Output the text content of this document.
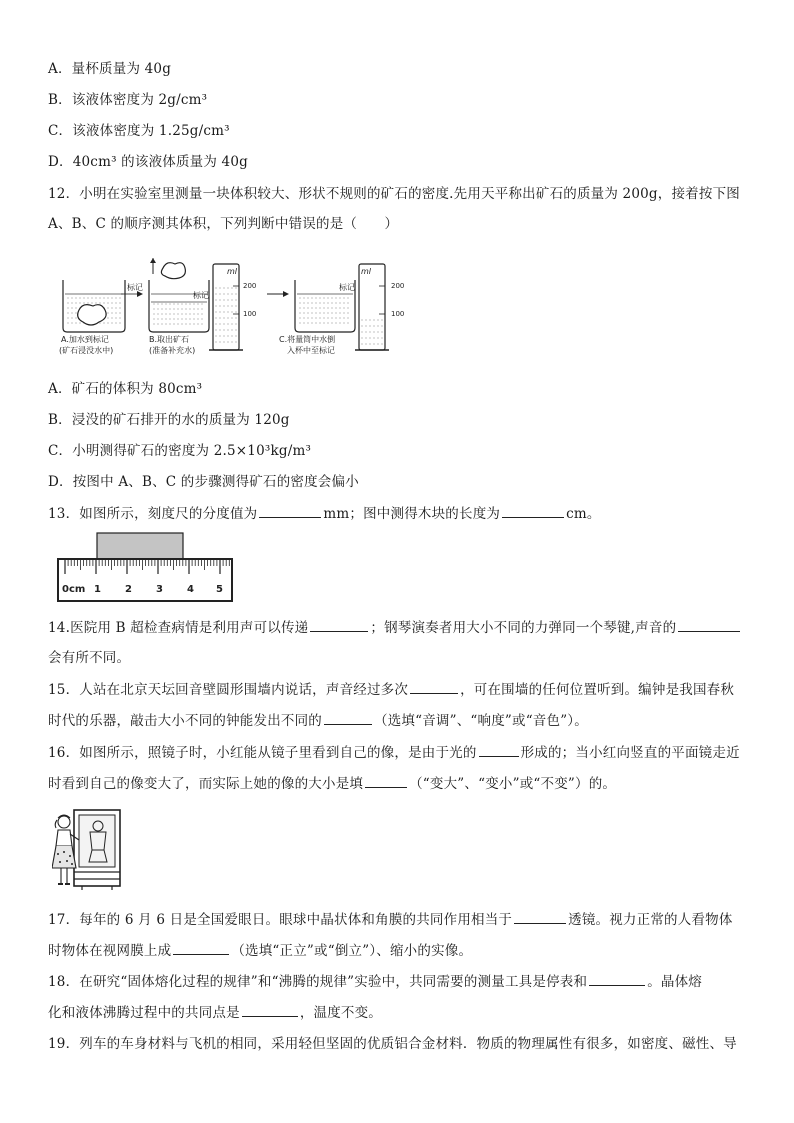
A．量杯质量为 40g
B．该液体密度为 2g/cm³
C．该液体密度为 1.25g/cm³
D．40cm³ 的该液体质量为 40g
12．小明在实验室里测量一块体积较大、形状不规则的矿石的密度.先用天平称出矿石的质量为 200g，接着按下图
A、B、C 的顺序测其体积，下列判断中错误的是（　　）
标记
A.加水到标记
(矿石浸没水中)
标记
B.取出矿石
(准备补充水)
ml
200
100
标记
C.将量筒中水倒
入杯中至标记
ml
200
100
A．矿石的体积为 80cm³
B．浸没的矿石排开的水的质量为 120g
C．小明测得矿石的密度为 2.5×10³kg/m³
D．按图中 A、B、C 的步骤测得矿石的密度会偏小
13．如图所示，刻度尺的分度值为	mm；图中测得木块的长度为	cm。
0cm 1 2 3 4 5
14.医院用 B 超检查病情是利用声可以传递	；钢琴演奏者用大小不同的力弹同一个琴键,声音的
会有所不同。
15．人站在北京天坛回音壁圆形围墙内说话，声音经过多次	，可在围墙的任何位置听到。编钟是我国春秋
时代的乐器，敲击大小不同的钟能发出不同的	（选填“音调”、“响度”或“音色”）。
16．如图所示，照镜子时，小红能从镜子里看到自己的像，是由于光的	形成的；当小红向竖直的平面镜走近
时看到自己的像变大了，而实际上她的像的大小是填	（“变大”、“变小”或“不变”）的。
17．每年的 6 月 6 日是全国爱眼日。眼球中晶状体和角膜的共同作用相当于	透镜。视力正常的人看物体
时物体在视网膜上成	（选填“正立”或“倒立”）、缩小的实像。
18．在研究“固体熔化过程的规律”和“沸腾的规律”实验中，共同需要的测量工具是停表和	。晶体熔
化和液体沸腾过程中的共同点是	，温度不变。
19．列车的车身材料与飞机的相同，采用轻但坚固的优质铝合金材料．物质的物理属性有很多，如密度、磁性、导
